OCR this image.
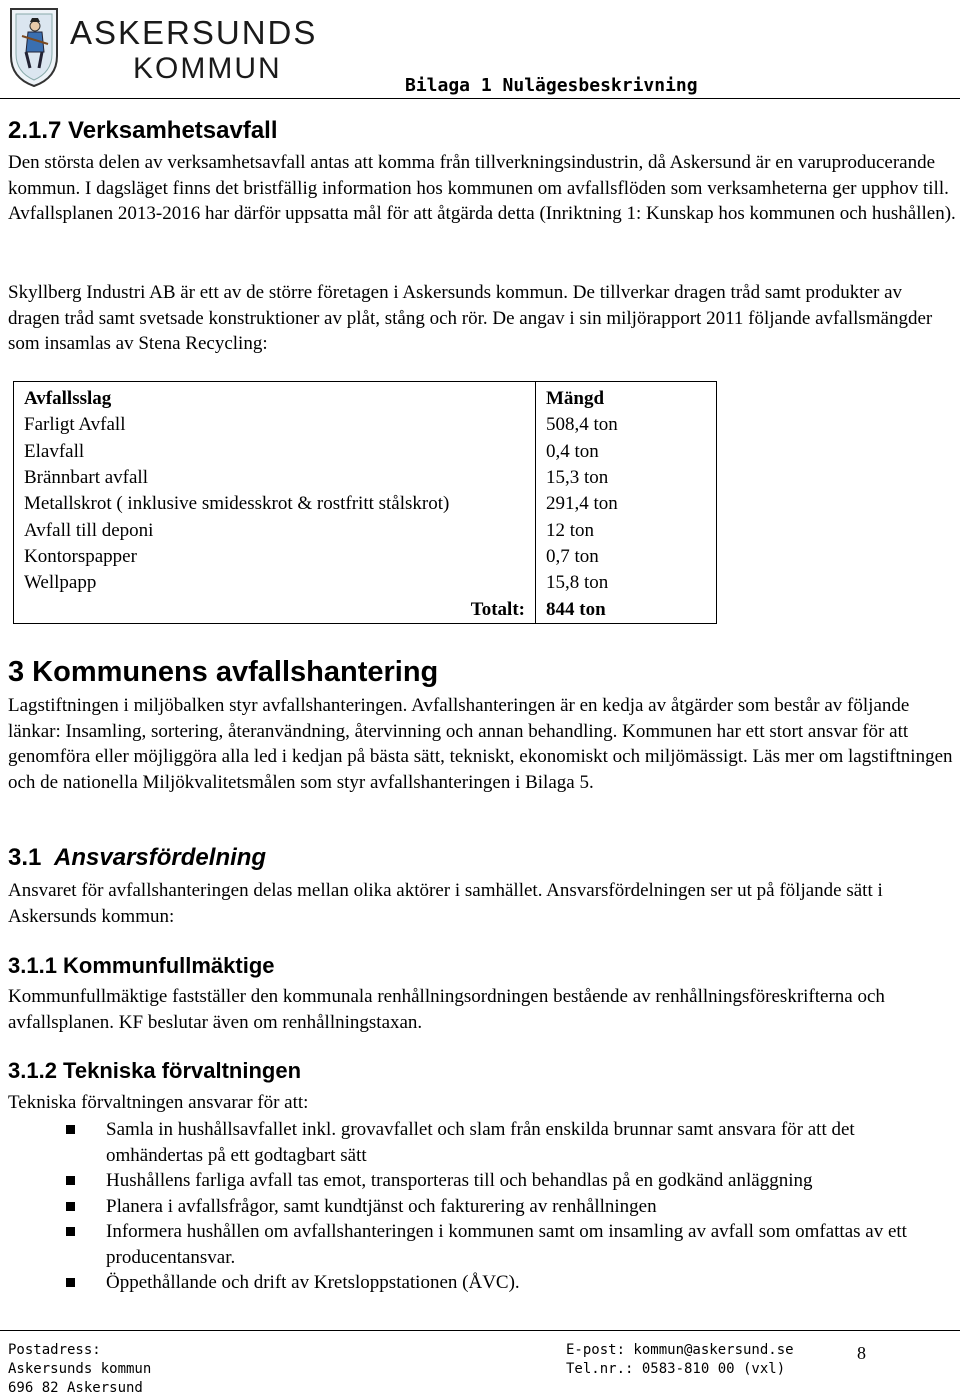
ASKERSUNDS
KOMMUN
Bilaga 1 Nulägesbeskrivning
2.1.7 Verksamhetsavfall

Den största delen av verksamhetsavfall antas att komma från tillverkningsindustrin, då Askersund är en varuproducerande kommun. I dagsläget finns det bristfällig information hos kommunen om avfallsflöden som verksamheterna ger upphov till. Avfallsplanen 2013-2016 har därför uppsatta mål för att åtgärda detta (Inriktning 1: Kunskap hos kommunen och hushållen).

Skyllberg Industri AB är ett av de större företagen i Askersunds kommun. De tillverkar dragen tråd samt produkter av dragen tråd samt svetsade konstruktioner av plåt, stång och rör. De angav i sin miljörapport 2011 följande avfallsmängder som insamlas av Stena Recycling:

Avfallsslag	Mängd
Farligt Avfall	508,4 ton
Elavfall	0,4 ton
Brännbart avfall	15,3 ton
Metallskrot ( inklusive smidesskrot & rostfritt stålskrot)	291,4 ton
Avfall till deponi	12 ton
Kontorspapper	0,7 ton
Wellpapp	15,8 ton
Totalt:	844 ton
3 Kommunens avfallshantering

Lagstiftningen i miljöbalken styr avfallshanteringen. Avfallshanteringen är en kedja av åtgärder som består av följande länkar: Insamling, sortering, återanvändning, återvinning och annan behandling. Kommunen har ett stort ansvar för att genomföra eller möjliggöra alla led i kedjan på bästa sätt, tekniskt, ekonomiskt och miljömässigt. Läs mer om lagstiftningen och de nationella Miljökvalitetsmålen som styr avfallshanteringen i Bilaga 5.

3.1 Ansvarsfördelning

Ansvaret för avfallshanteringen delas mellan olika aktörer i samhället. Ansvarsfördelningen ser ut på följande sätt i Askersunds kommun:

3.1.1 Kommunfullmäktige

Kommunfullmäktige fastställer den kommunala renhållningsordningen bestående av renhållningsföreskrifterna och avfallsplanen. KF beslutar även om renhållningstaxan.

3.1.2 Tekniska förvaltningen

Tekniska förvaltningen ansvarar för att:

Samla in hushållsavfallet inkl. grovavfallet och slam från enskilda brunnar samt ansvara för att det omhändertas på ett godtagbart sätt
Hushållens farliga avfall tas emot, transporteras till och behandlas på en godkänd anläggning
Planera i avfallsfrågor, samt kundtjänst och fakturering av renhållningen
Informera hushållen om avfallshanteringen i kommunen samt om insamling av avfall som omfattas av ett producentansvar.
Öppethållande och drift av Kretsloppstationen (ÅVC).
Postadress:
Askersunds kommun
696 82 Askersund
E-post: kommun@askersund.se
Tel.nr.: 0583-810 00 (vxl)
8
